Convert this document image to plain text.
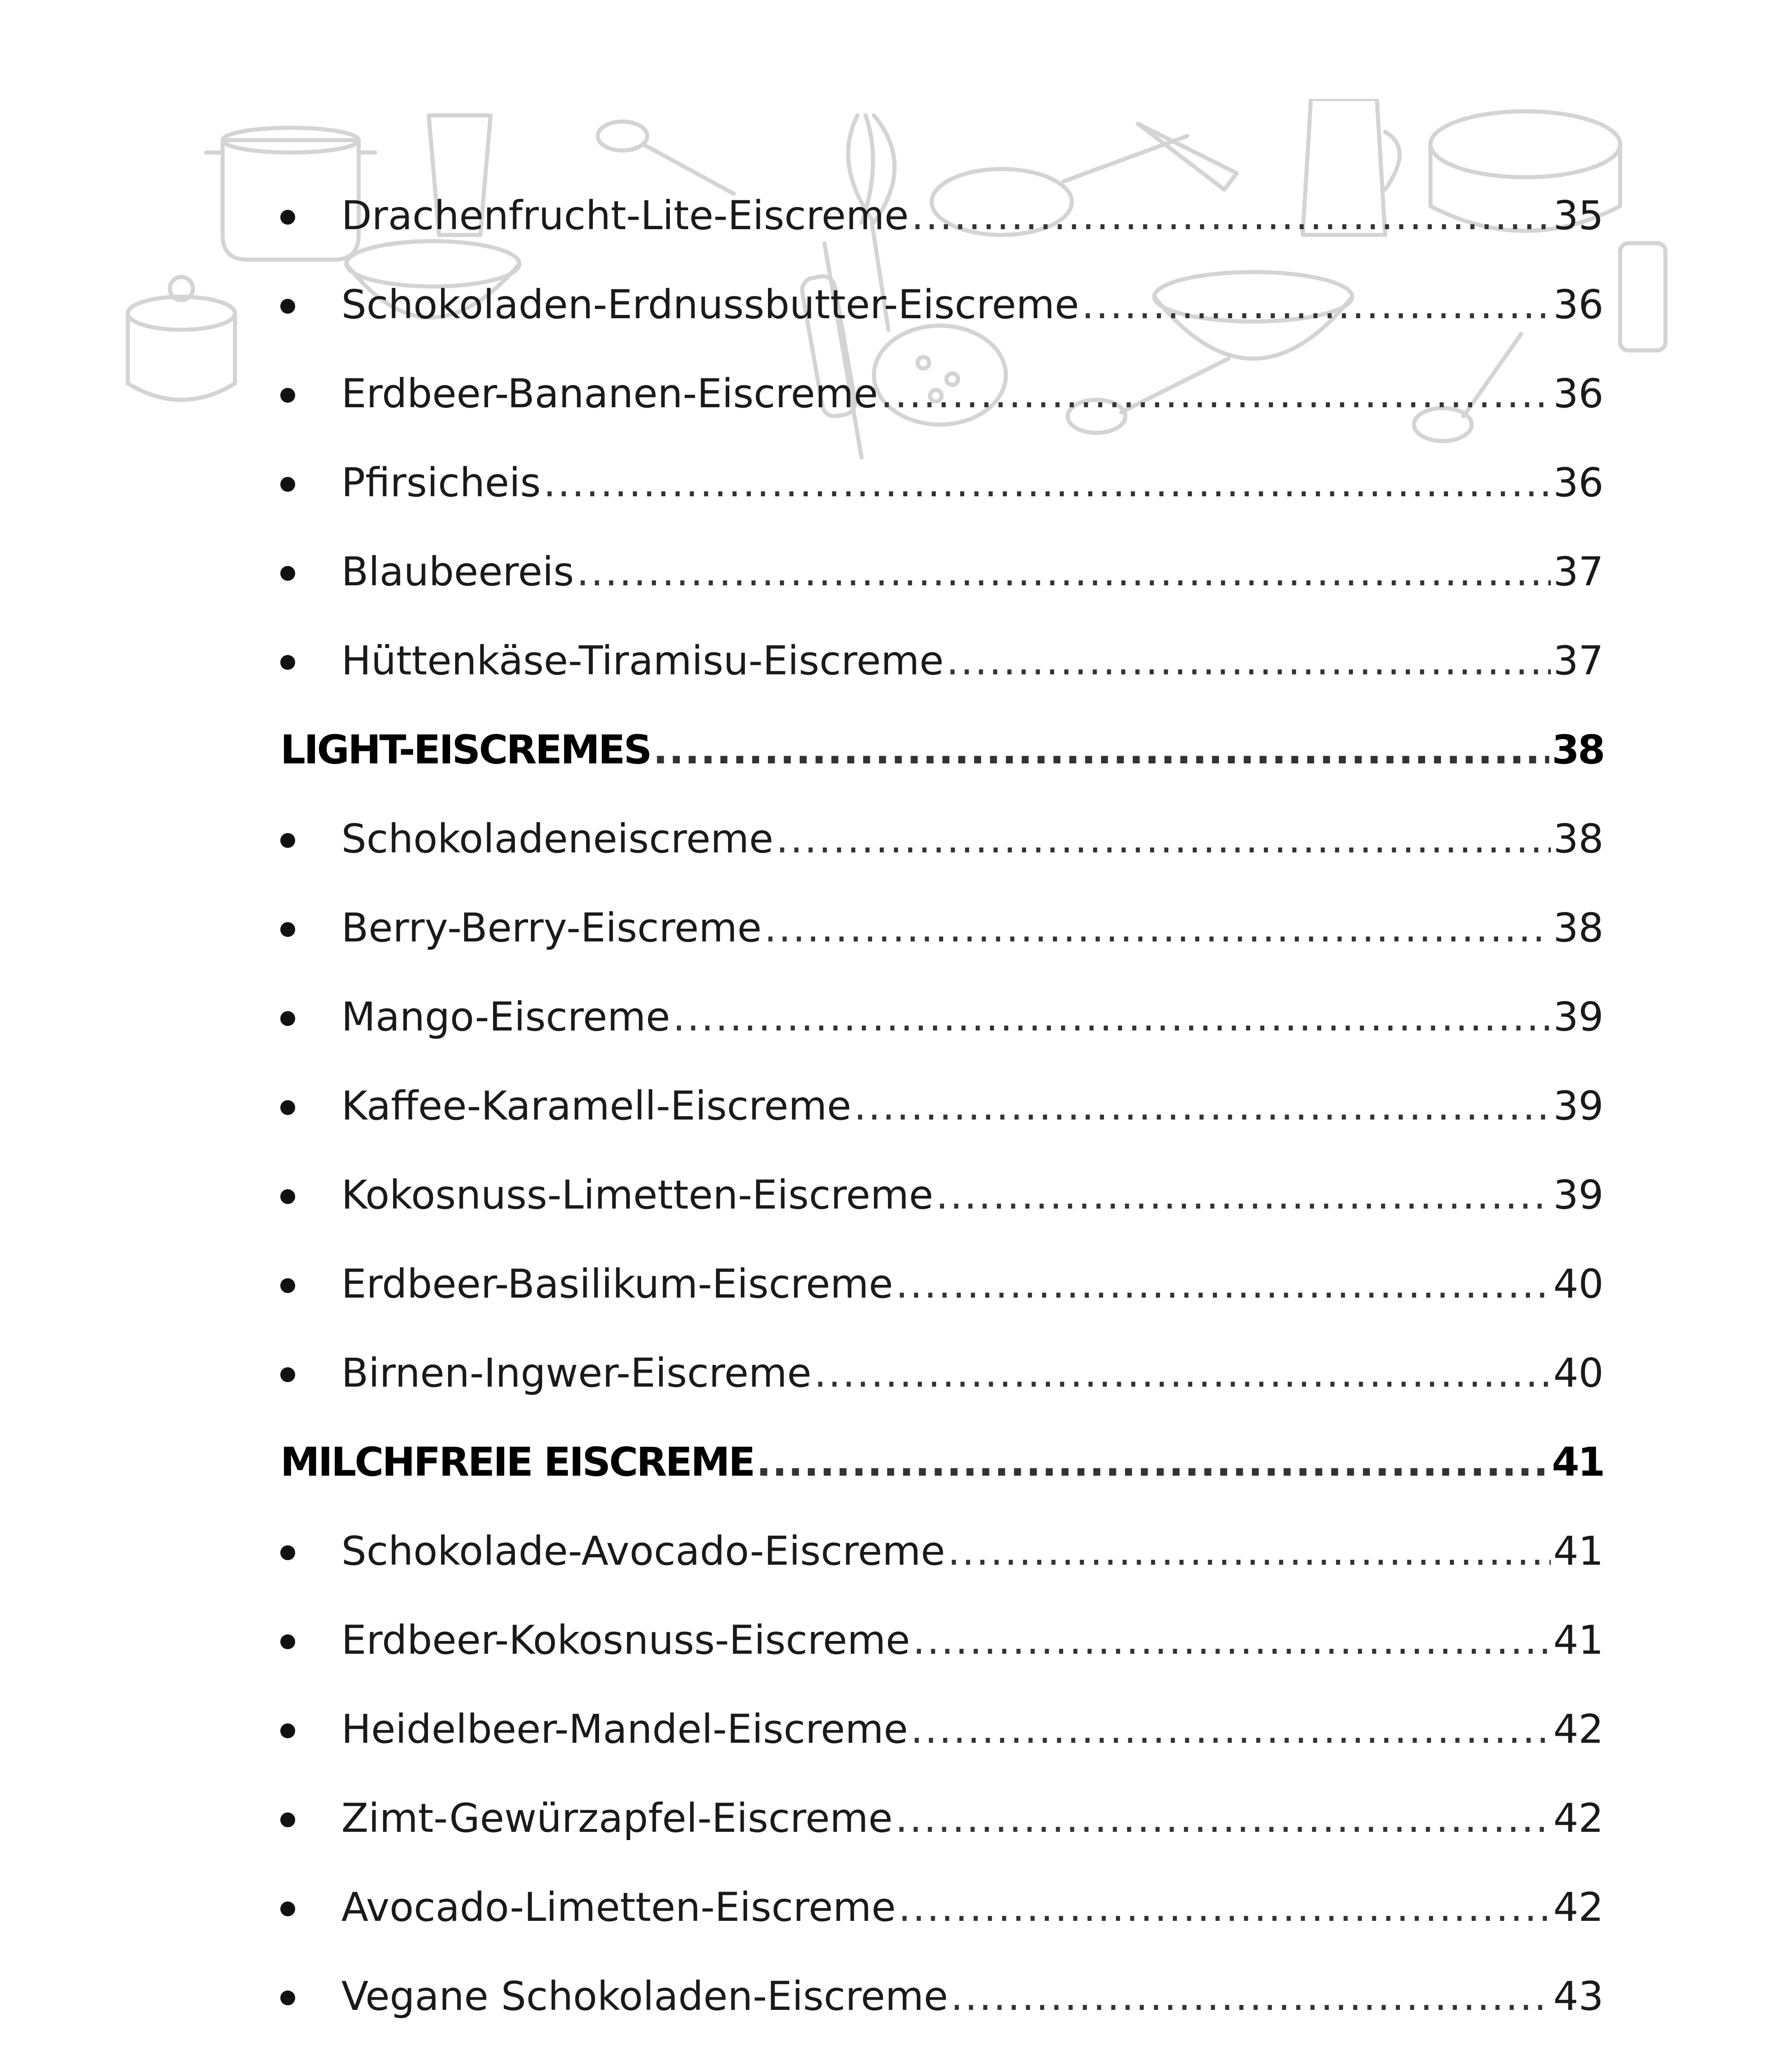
Drachenfrucht-Lite-Eiscreme .....	35
Schokoladen-Erdnussbutter-Eiscreme .....	36
Erdbeer-Bananen-Eiscreme .....	36
Pfirsicheis .....	36
Blaubeereis .....	37
Hüttenkäse-Tiramisu-Eiscreme .....	37
LIGHT-EISCREMES .....	38
Schokoladeneiscreme .....	38
Berry-Berry-Eiscreme .....	38
Mango-Eiscreme .....	39
Kaffee-Karamell-Eiscreme .....	39
Kokosnuss-Limetten-Eiscreme .....	39
Erdbeer-Basilikum-Eiscreme .....	40
Birnen-Ingwer-Eiscreme .....	40
MILCHFREIE EISCREME .....	41
Schokolade-Avocado-Eiscreme .....	41
Erdbeer-Kokosnuss-Eiscreme .....	41
Heidelbeer-Mandel-Eiscreme .....	42
Zimt-Gewürzapfel-Eiscreme .....	42
Avocado-Limetten-Eiscreme .....	42
Vegane Schokoladen-Eiscreme .....	43
